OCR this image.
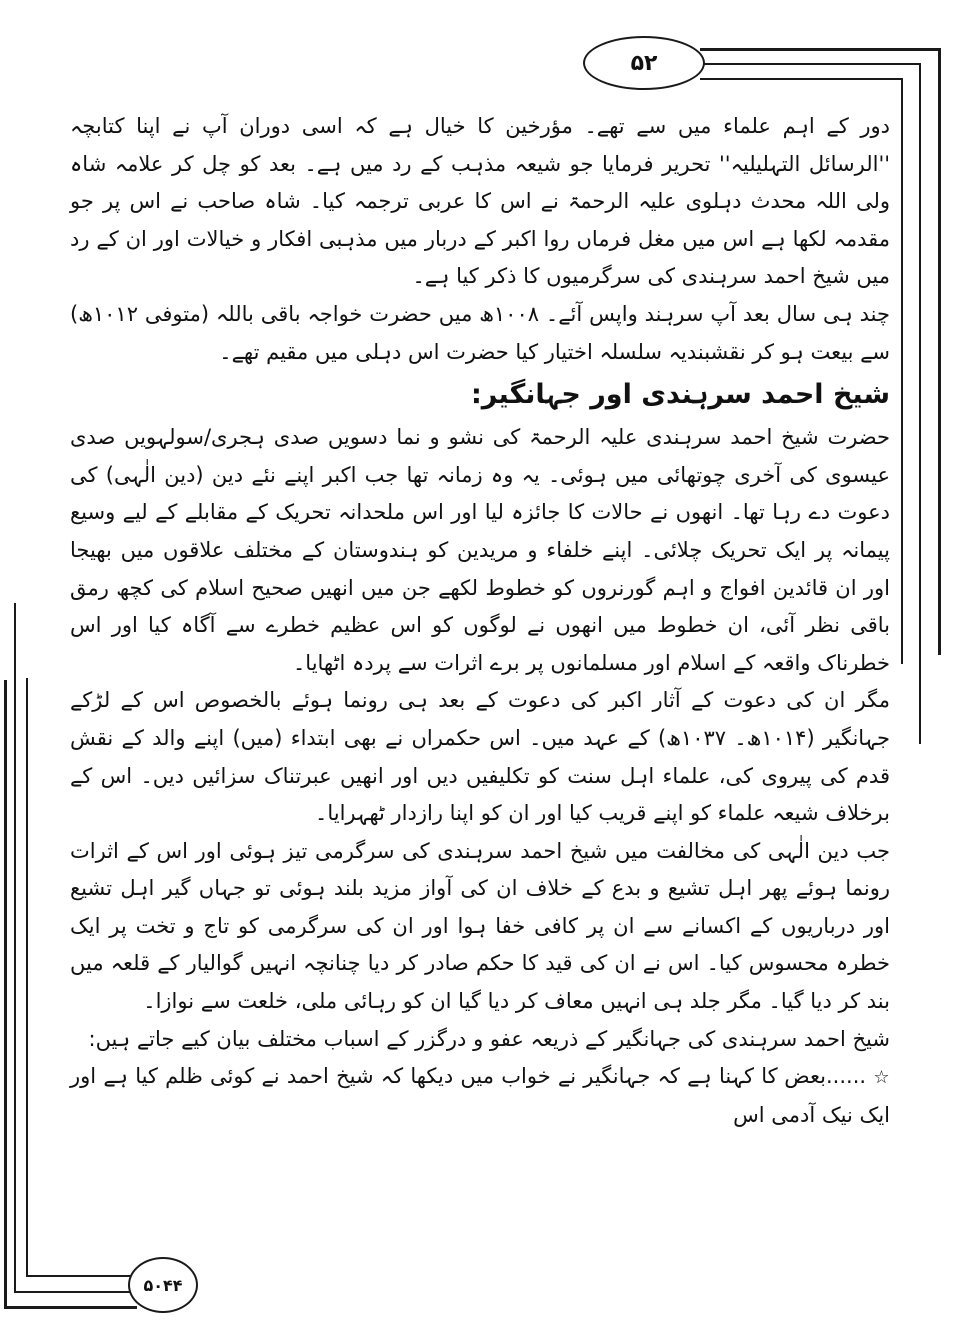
۵۲
۵۰۴۴

دور کے اہم علماء میں سے تھے۔ مؤرخین کا خیال ہے کہ اسی دوران آپ نے اپنا کتابچہ ''الرسائل التہلیلیہ'' تحریر فرمایا جو شیعہ مذہب کے رد میں ہے۔ بعد کو چل کر علامہ شاہ ولی اللہ محدث دہلوی علیہ الرحمۃ نے اس کا عربی ترجمہ کیا۔ شاہ صاحب نے اس پر جو مقدمہ لکھا ہے اس میں مغل فرماں روا اکبر کے دربار میں مذہبی افکار و خیالات اور ان کے رد میں شیخ احمد سرہندی کی سرگرمیوں کا ذکر کیا ہے۔

چند ہی سال بعد آپ سرہند واپس آئے۔ ۱۰۰۸ھ میں حضرت خواجہ باقی باللہ (متوفی ۱۰۱۲ھ) سے بیعت ہو کر نقشبندیہ سلسلہ اختیار کیا حضرت اس دہلی میں مقیم تھے۔

شیخ احمد سرہندی اور جہانگیر:

حضرت شیخ احمد سرہندی علیہ الرحمۃ کی نشو و نما دسویں صدی ہجری/سولہویں صدی عیسوی کی آخری چوتھائی میں ہوئی۔ یہ وہ زمانہ تھا جب اکبر اپنے نئے دین (دین الٰہی) کی دعوت دے رہا تھا۔ انھوں نے حالات کا جائزہ لیا اور اس ملحدانہ تحریک کے مقابلے کے لیے وسیع پیمانہ پر ایک تحریک چلائی۔ اپنے خلفاء و مریدین کو ہندوستان کے مختلف علاقوں میں بھیجا اور ان قائدین افواج و اہم گورنروں کو خطوط لکھے جن میں انھیں صحیح اسلام کی کچھ رمق باقی نظر آئی، ان خطوط میں انھوں نے لوگوں کو اس عظیم خطرے سے آگاہ کیا اور اس خطرناک واقعہ کے اسلام اور مسلمانوں پر برے اثرات سے پردہ اٹھایا۔

مگر ان کی دعوت کے آثار اکبر کی دعوت کے بعد ہی رونما ہوئے بالخصوص اس کے لڑکے جہانگیر (۱۰۱۴ھ۔ ۱۰۳۷ھ) کے عہد میں۔ اس حکمراں نے بھی ابتداء (میں) اپنے والد کے نقش قدم کی پیروی کی، علماء اہل سنت کو تکلیفیں دیں اور انھیں عبرتناک سزائیں دیں۔ اس کے برخلاف شیعہ علماء کو اپنے قریب کیا اور ان کو اپنا رازدار ٹھہرایا۔

جب دین الٰہی کی مخالفت میں شیخ احمد سرہندی کی سرگرمی تیز ہوئی اور اس کے اثرات رونما ہوئے پھر اہل تشیع و بدع کے خلاف ان کی آواز مزید بلند ہوئی تو جہاں گیر اہل تشیع اور درباریوں کے اکسانے سے ان پر کافی خفا ہوا اور ان کی سرگرمی کو تاج و تخت پر ایک خطرہ محسوس کیا۔ اس نے ان کی قید کا حکم صادر کر دیا چنانچہ انہیں گوالیار کے قلعہ میں بند کر دیا گیا۔ مگر جلد ہی انہیں معاف کر دیا گیا ان کو رہائی ملی، خلعت سے نوازا۔

شیخ احمد سرہندی کی جہانگیر کے ذریعہ عفو و درگزر کے اسباب مختلف بیان کیے جاتے ہیں:

☆ ......بعض کا کہنا ہے کہ جہانگیر نے خواب میں دیکھا کہ شیخ احمد نے کوئی ظلم کیا ہے اور ایک نیک آدمی اس
